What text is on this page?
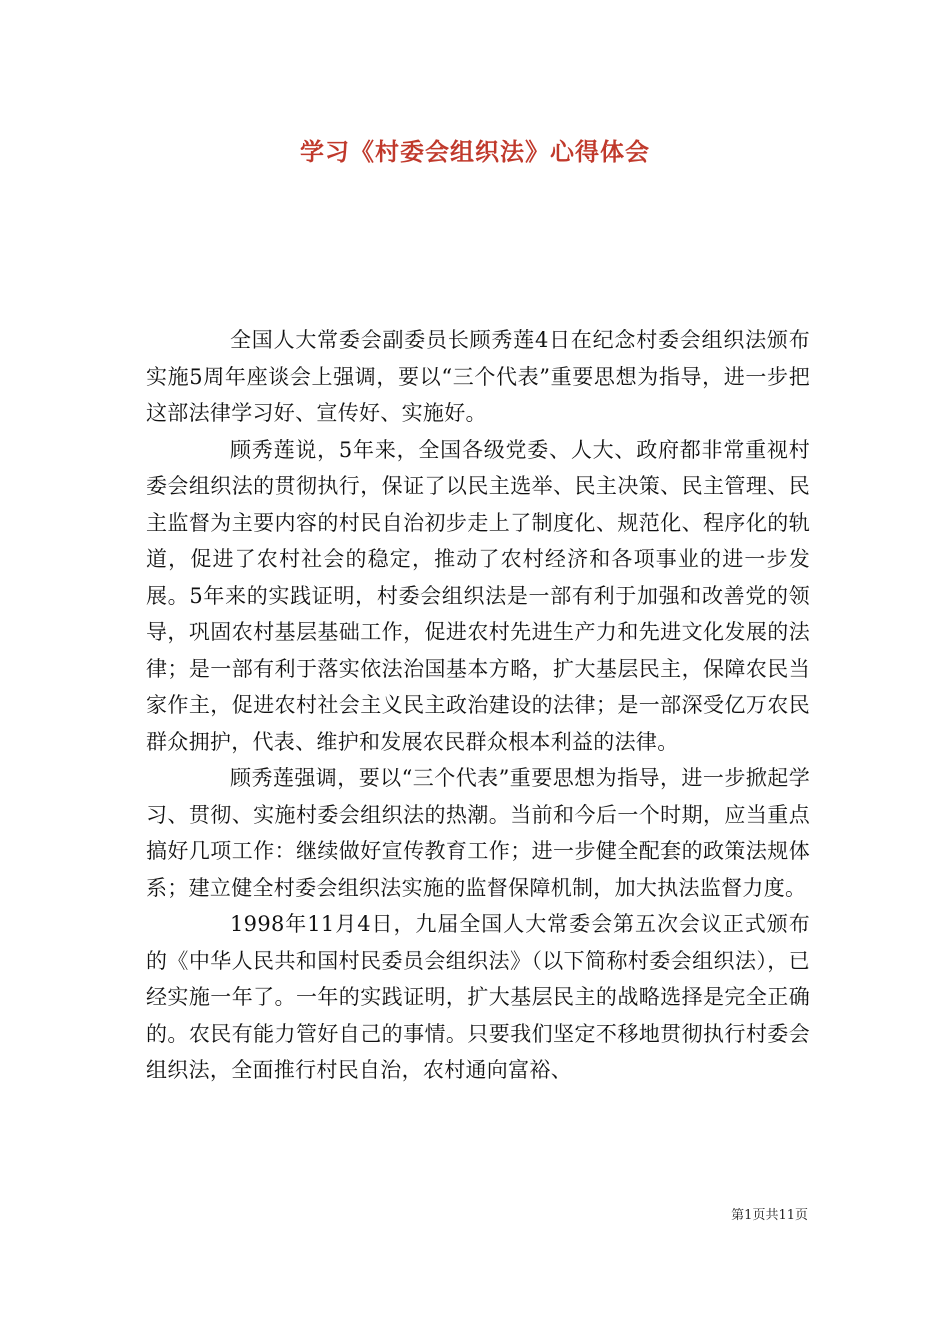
学习《村委会组织法》心得体会

全国人大常委会副委员长顾秀莲4日在纪念村委会组织法颁布实施5周年座谈会上强调，要以“三个代表”重要思想为指导，进一步把这部法律学习好、宣传好、实施好。

顾秀莲说，5年来，全国各级党委、人大、政府都非常重视村委会组织法的贯彻执行，保证了以民主选举、民主决策、民主管理、民主监督为主要内容的村民自治初步走上了制度化、规范化、程序化的轨道，促进了农村社会的稳定，推动了农村经济和各项事业的进一步发展。5年来的实践证明，村委会组织法是一部有利于加强和改善党的领导，巩固农村基层基础工作，促进农村先进生产力和先进文化发展的法律；是一部有利于落实依法治国基本方略，扩大基层民主，保障农民当家作主，促进农村社会主义民主政治建设的法律；是一部深受亿万农民群众拥护，代表、维护和发展农民群众根本利益的法律。

顾秀莲强调，要以“三个代表”重要思想为指导，进一步掀起学习、贯彻、实施村委会组织法的热潮。当前和今后一个时期，应当重点搞好几项工作：继续做好宣传教育工作；进一步健全配套的政策法规体系；建立健全村委会组织法实施的监督保障机制，加大执法监督力度。

1998年11月4日，九届全国人大常委会第五次会议正式颁布的《中华人民共和国村民委员会组织法》（以下简称村委会组织法），已经实施一年了。一年的实践证明，扩大基层民主的战略选择是完全正确的。农民有能力管好自己的事情。只要我们坚定不移地贯彻执行村委会组织法，全面推行村民自治，农村通向富裕、

第1页共11页
